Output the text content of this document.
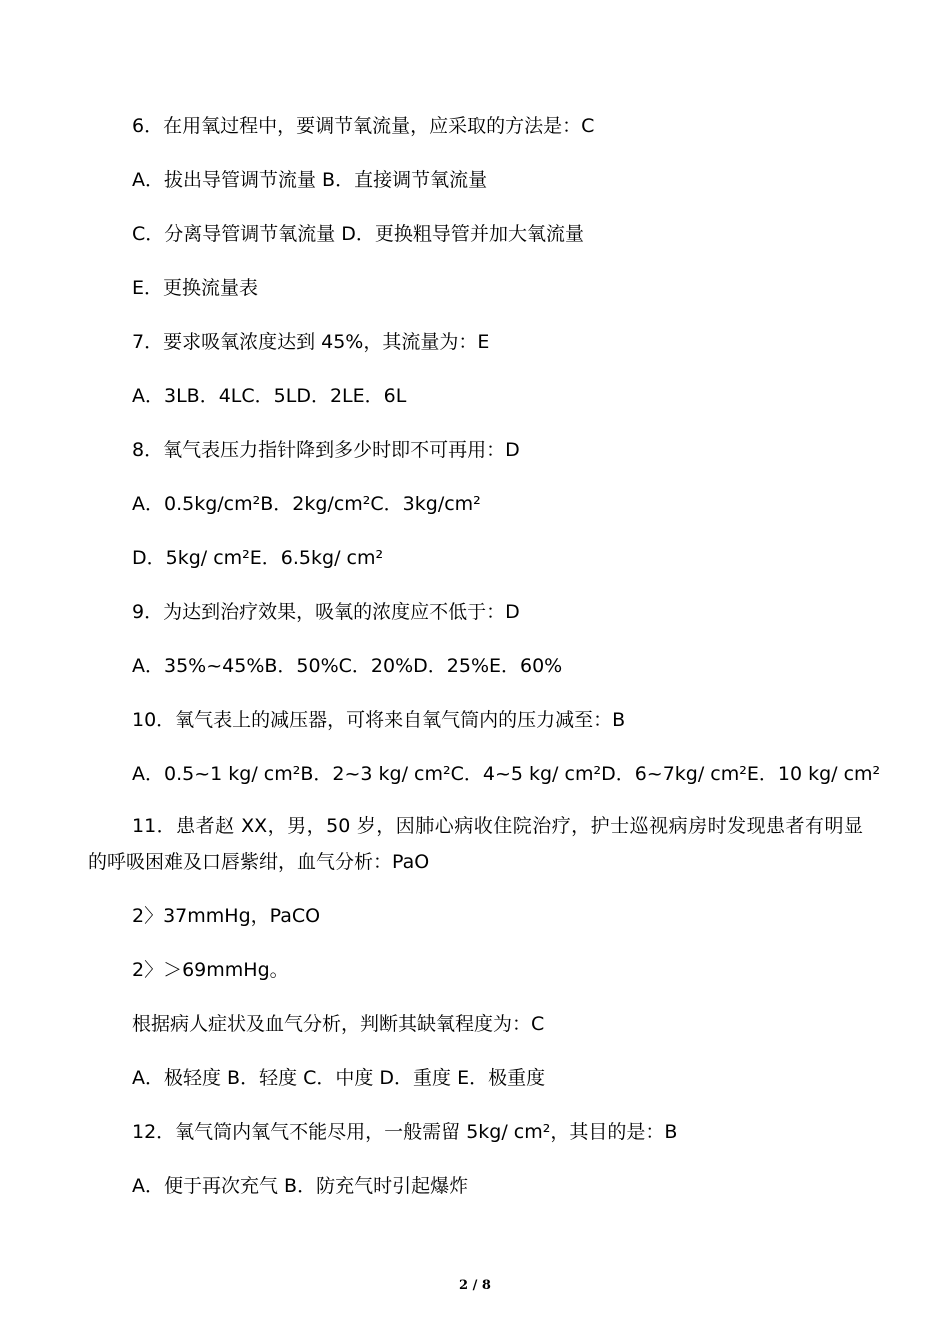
6．在用氧过程中，要调节氧流量，应采取的方法是：C
A．拔出导管调节流量 B．直接调节氧流量
C．分离导管调节氧流量 D．更换粗导管并加大氧流量
E．更换流量表
7．要求吸氧浓度达到 45%，其流量为：E
A．3LB．4LC．5LD．2LE．6L
8．氧气表压力指针降到多少时即不可再用：D
A．0.5kg/cm²B．2kg/cm²C．3kg/cm²
D．5kg/ cm²E．6.5kg/ cm²
9．为达到治疗效果，吸氧的浓度应不低于：D
A．35%~45%B．50%C．20%D．25%E．60%
10．氧气表上的减压器，可将来自氧气筒内的压力减至：B
A．0.5~1 kg/ cm²B．2~3 kg/ cm²C．4~5 kg/ cm²D．6~7kg/ cm²E．10 kg/ cm²
11．患者赵 XX，男，50 岁，因肺心病收住院治疗，护士巡视病房时发现患者有明显的呼吸困难及口唇紫绀，血气分析：PaO
2〉37mmHg，PaCO
2〉＞69mmHg。
根据病人症状及血气分析，判断其缺氧程度为：C
A．极轻度 B．轻度 C．中度 D．重度 E．极重度
12．氧气筒内氧气不能尽用，一般需留 5kg/ cm²，其目的是：B
A．便于再次充气 B．防充气时引起爆炸
2 / 8
